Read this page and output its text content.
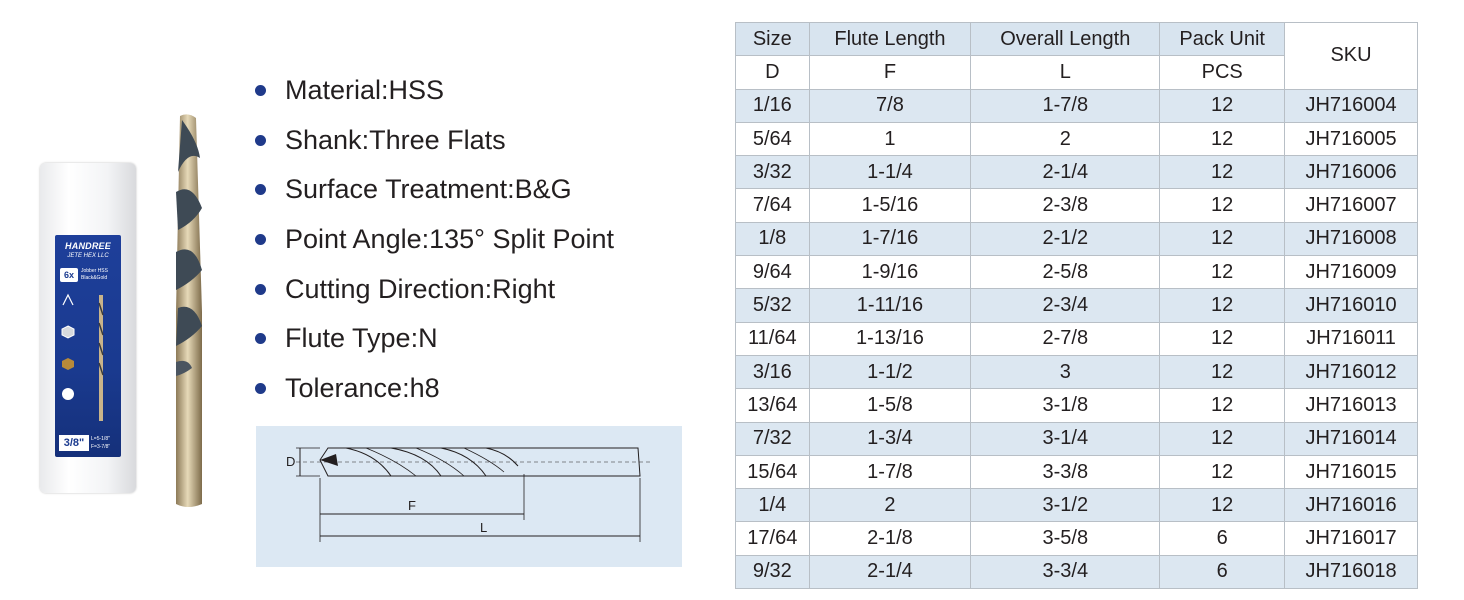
HANDREE
JETE HEX LLC
6x	Jobber HSS
Black&Gold
3/8"	L=5-1/8"
F=3-7/8"
Material : HSS
Shank : Three Flats
Surface Treatment : B&G
Point Angle : 135° Split Point
Cutting Direction : Right
Flute Type : N
Tolerance : h8
D
F
L
Size	Flute Length	Overall Length	Pack Unit	SKU
D	F	L	PCS	
1/16	7/8	1-7/8	12	JH716004
5/64	1	2	12	JH716005
3/32	1-1/4	2-1/4	12	JH716006
7/64	1-5/16	2-3/8	12	JH716007
1/8	1-7/16	2-1/2	12	JH716008
9/64	1-9/16	2-5/8	12	JH716009
5/32	1-11/16	2-3/4	12	JH716010
11/64	1-13/16	2-7/8	12	JH716011
3/16	1-1/2	3	12	JH716012
13/64	1-5/8	3-1/8	12	JH716013
7/32	1-3/4	3-1/4	12	JH716014
15/64	1-7/8	3-3/8	12	JH716015
1/4	2	3-1/2	12	JH716016
17/64	2-1/8	3-5/8	6	JH716017
9/32	2-1/4	3-3/4	6	JH716018
